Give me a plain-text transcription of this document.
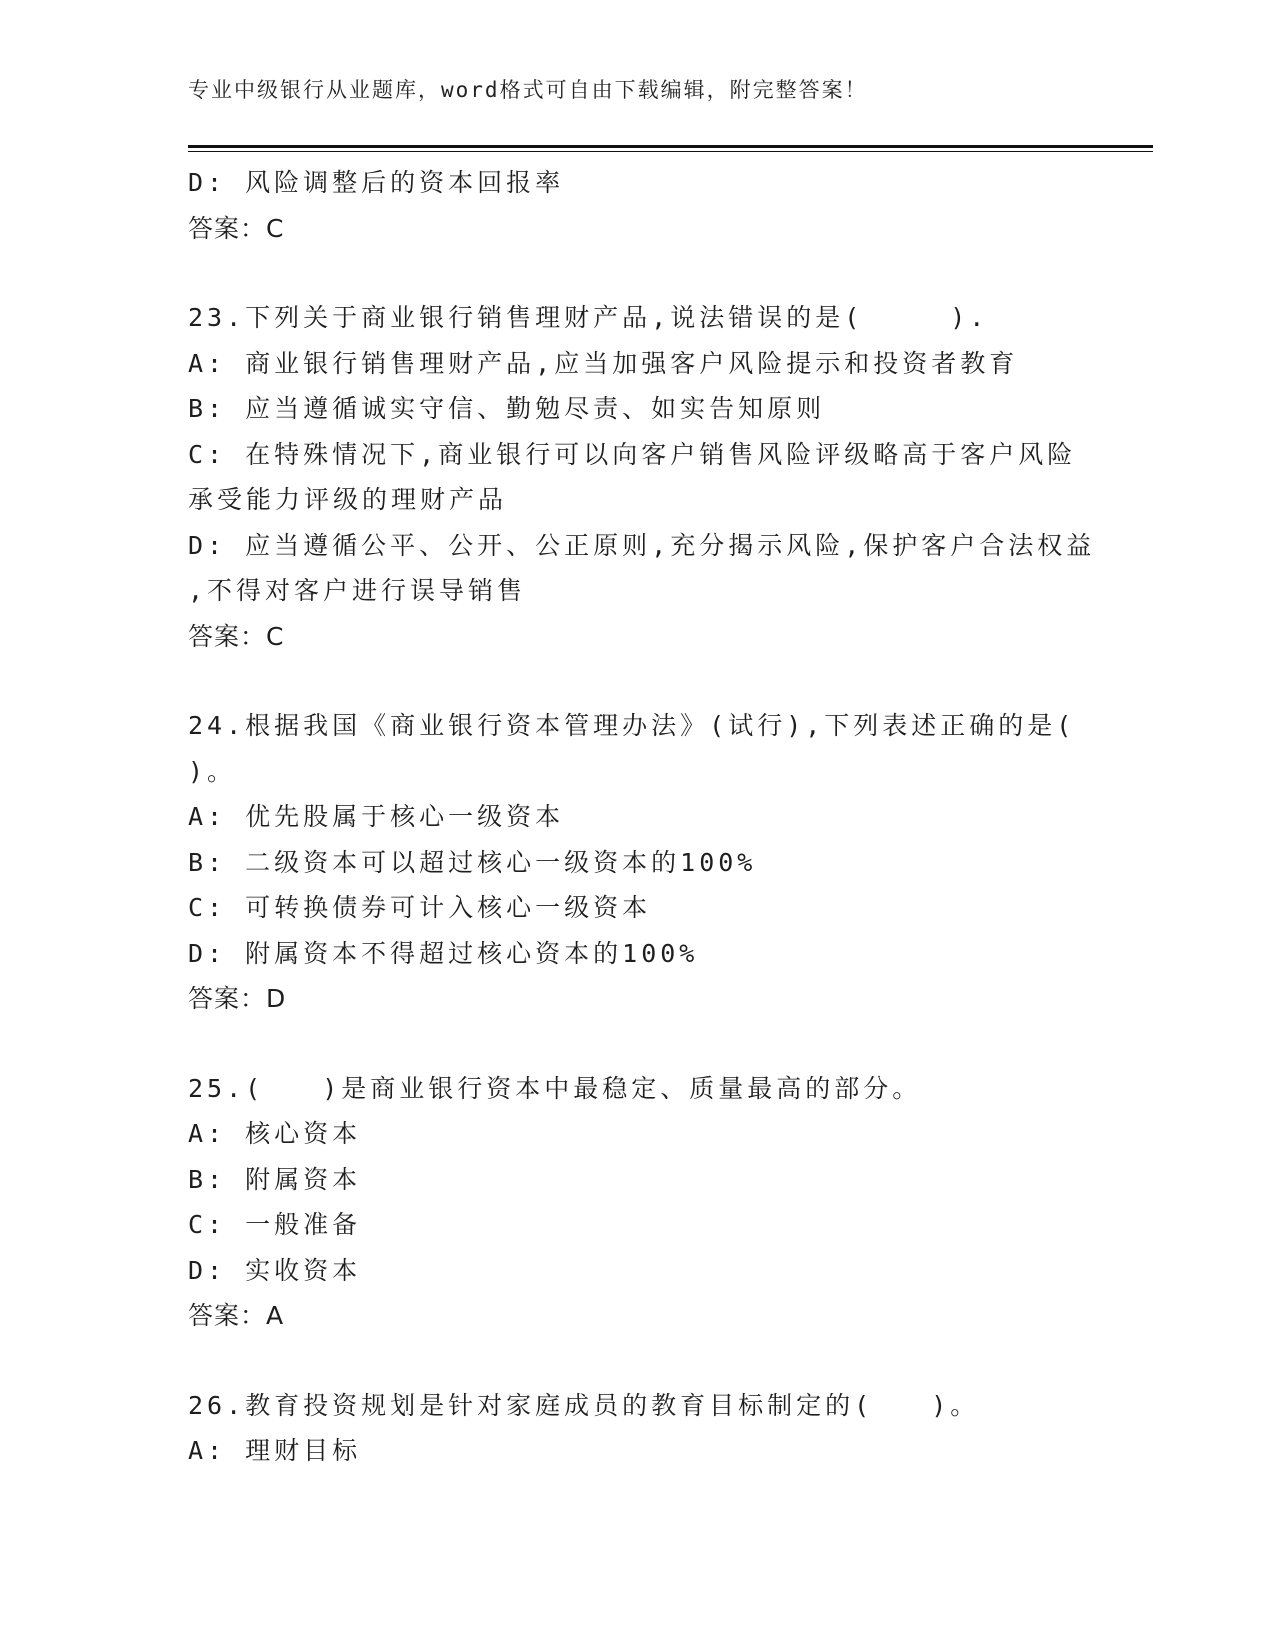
专业中级银行从业题库，word格式可自由下载编辑，附完整答案！
D: 风险调整后的资本回报率
答案：C
23.下列关于商业银行销售理财产品,说法错误的是(　　　).
A: 商业银行销售理财产品,应当加强客户风险提示和投资者教育
B: 应当遵循诚实守信、勤勉尽责、如实告知原则
C: 在特殊情况下,商业银行可以向客户销售风险评级略高于客户风险
承受能力评级的理财产品
D: 应当遵循公平、公开、公正原则,充分揭示风险,保护客户合法权益
,不得对客户进行误导销售
答案：C
24.根据我国《商业银行资本管理办法》(试行),下列表述正确的是(
)。
A: 优先股属于核心一级资本
B: 二级资本可以超过核心一级资本的100%
C: 可转换债券可计入核心一级资本
D: 附属资本不得超过核心资本的100%
答案：D
25.(　　)是商业银行资本中最稳定、质量最高的部分。
A: 核心资本
B: 附属资本
C: 一般准备
D: 实收资本
答案：A
26.教育投资规划是针对家庭成员的教育目标制定的(　　)。
A: 理财目标
